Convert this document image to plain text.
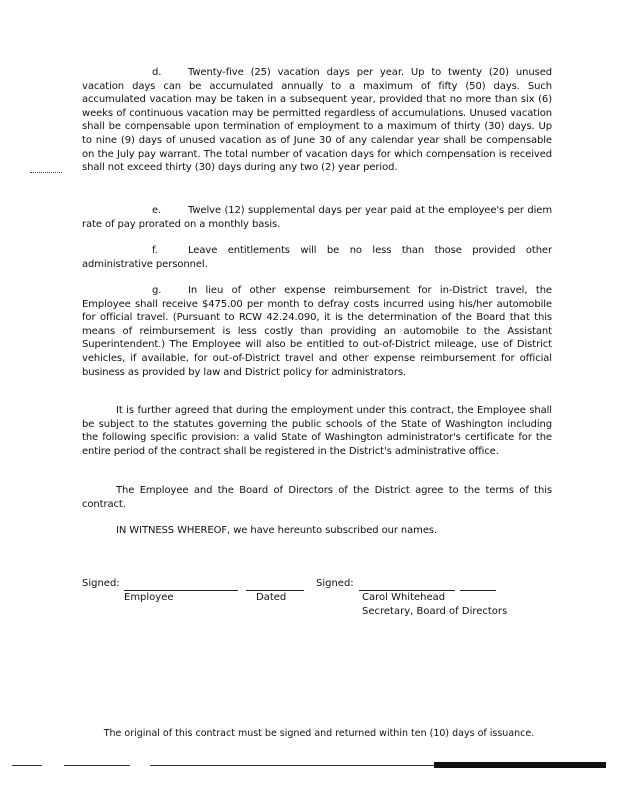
d.	Twenty-five (25) vacation days per year. Up to twenty (20) unused vacation days can be accumulated annually to a maximum of fifty (50) days. Such accumulated vacation may be taken in a subsequent year, provided that no more than six (6) weeks of continuous vacation may be permitted regardless of accumulations. Unused vacation shall be compensable upon termination of employment to a maximum of thirty (30) days. Up to nine (9) days of unused vacation as of June 30 of any calendar year shall be compensable on the July pay warrant. The total number of vacation days for which compensation is received shall not exceed thirty (30) days during any two (2) year period.

e.	Twelve (12) supplemental days per year paid at the employee's per diem rate of pay prorated on a monthly basis.

f.	Leave entitlements will be no less than those provided other administrative personnel.

g.	In lieu of other expense reimbursement for in-District travel, the Employee shall receive $475.00 per month to defray costs incurred using his/her automobile for official travel. (Pursuant to RCW 42.24.090, it is the determination of the Board that this means of reimbursement is less costly than providing an automobile to the Assistant Superintendent.) The Employee will also be entitled to out-of-District mileage, use of District vehicles, if available, for out-of-District travel and other expense reimbursement for official business as provided by law and District policy for administrators.

It is further agreed that during the employment under this contract, the Employee shall be subject to the statutes governing the public schools of the State of Washington including the following specific provision: a valid State of Washington administrator's certificate for the entire period of the contract shall be registered in the District's administrative office.

The Employee and the Board of Directors of the District agree to the terms of this contract.

IN WITNESS WHEREOF, we have hereunto subscribed our names.

Signed:
Employee	Dated
Signed:
Carol Whitehead
Secretary, Board of Directors
The original of this contract must be signed and returned within ten (10) days of issuance.
